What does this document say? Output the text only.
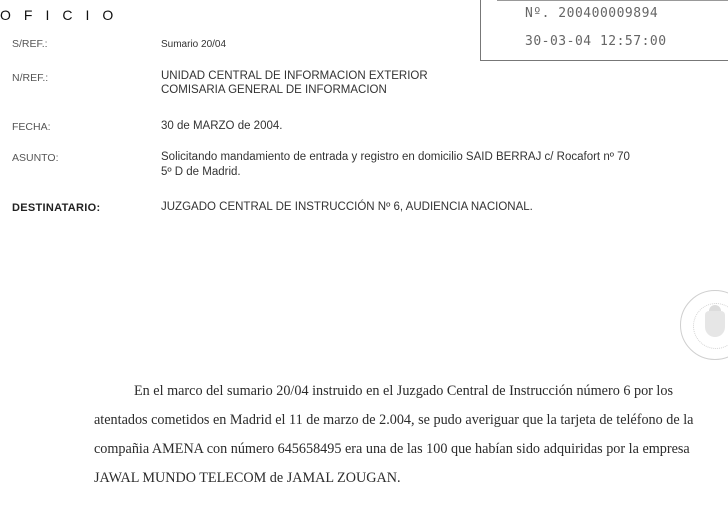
OFICIO	Nº. 200400009894
30-03-04 12:57:00
S/REF.:	Sumario 20/04
N/REF.:	UNIDAD CENTRAL DE INFORMACION EXTERIOR
COMISARIA GENERAL DE INFORMACION
FECHA:	30 de MARZO de 2004.
ASUNTO:	Solicitando mandamiento de entrada y registro en domicilio SAID BERRAJ c/ Rocafort nº 70
5º D de Madrid.
DESTINATARIO:	JUZGADO CENTRAL DE INSTRUCCIÓN Nº 6, AUDIENCIA NACIONAL.

En el marco del sumario 20/04 instruido en el Juzgado Central de Instrucción número 6 por los atentados cometidos en Madrid el 11 de marzo de 2.004, se pudo averiguar que la tarjeta de teléfono de la compañia AMENA con número 645658495 era una de las 100 que habían sido adquiridas por la empresa JAWAL MUNDO TELECOM de JAMAL ZOUGAN.
